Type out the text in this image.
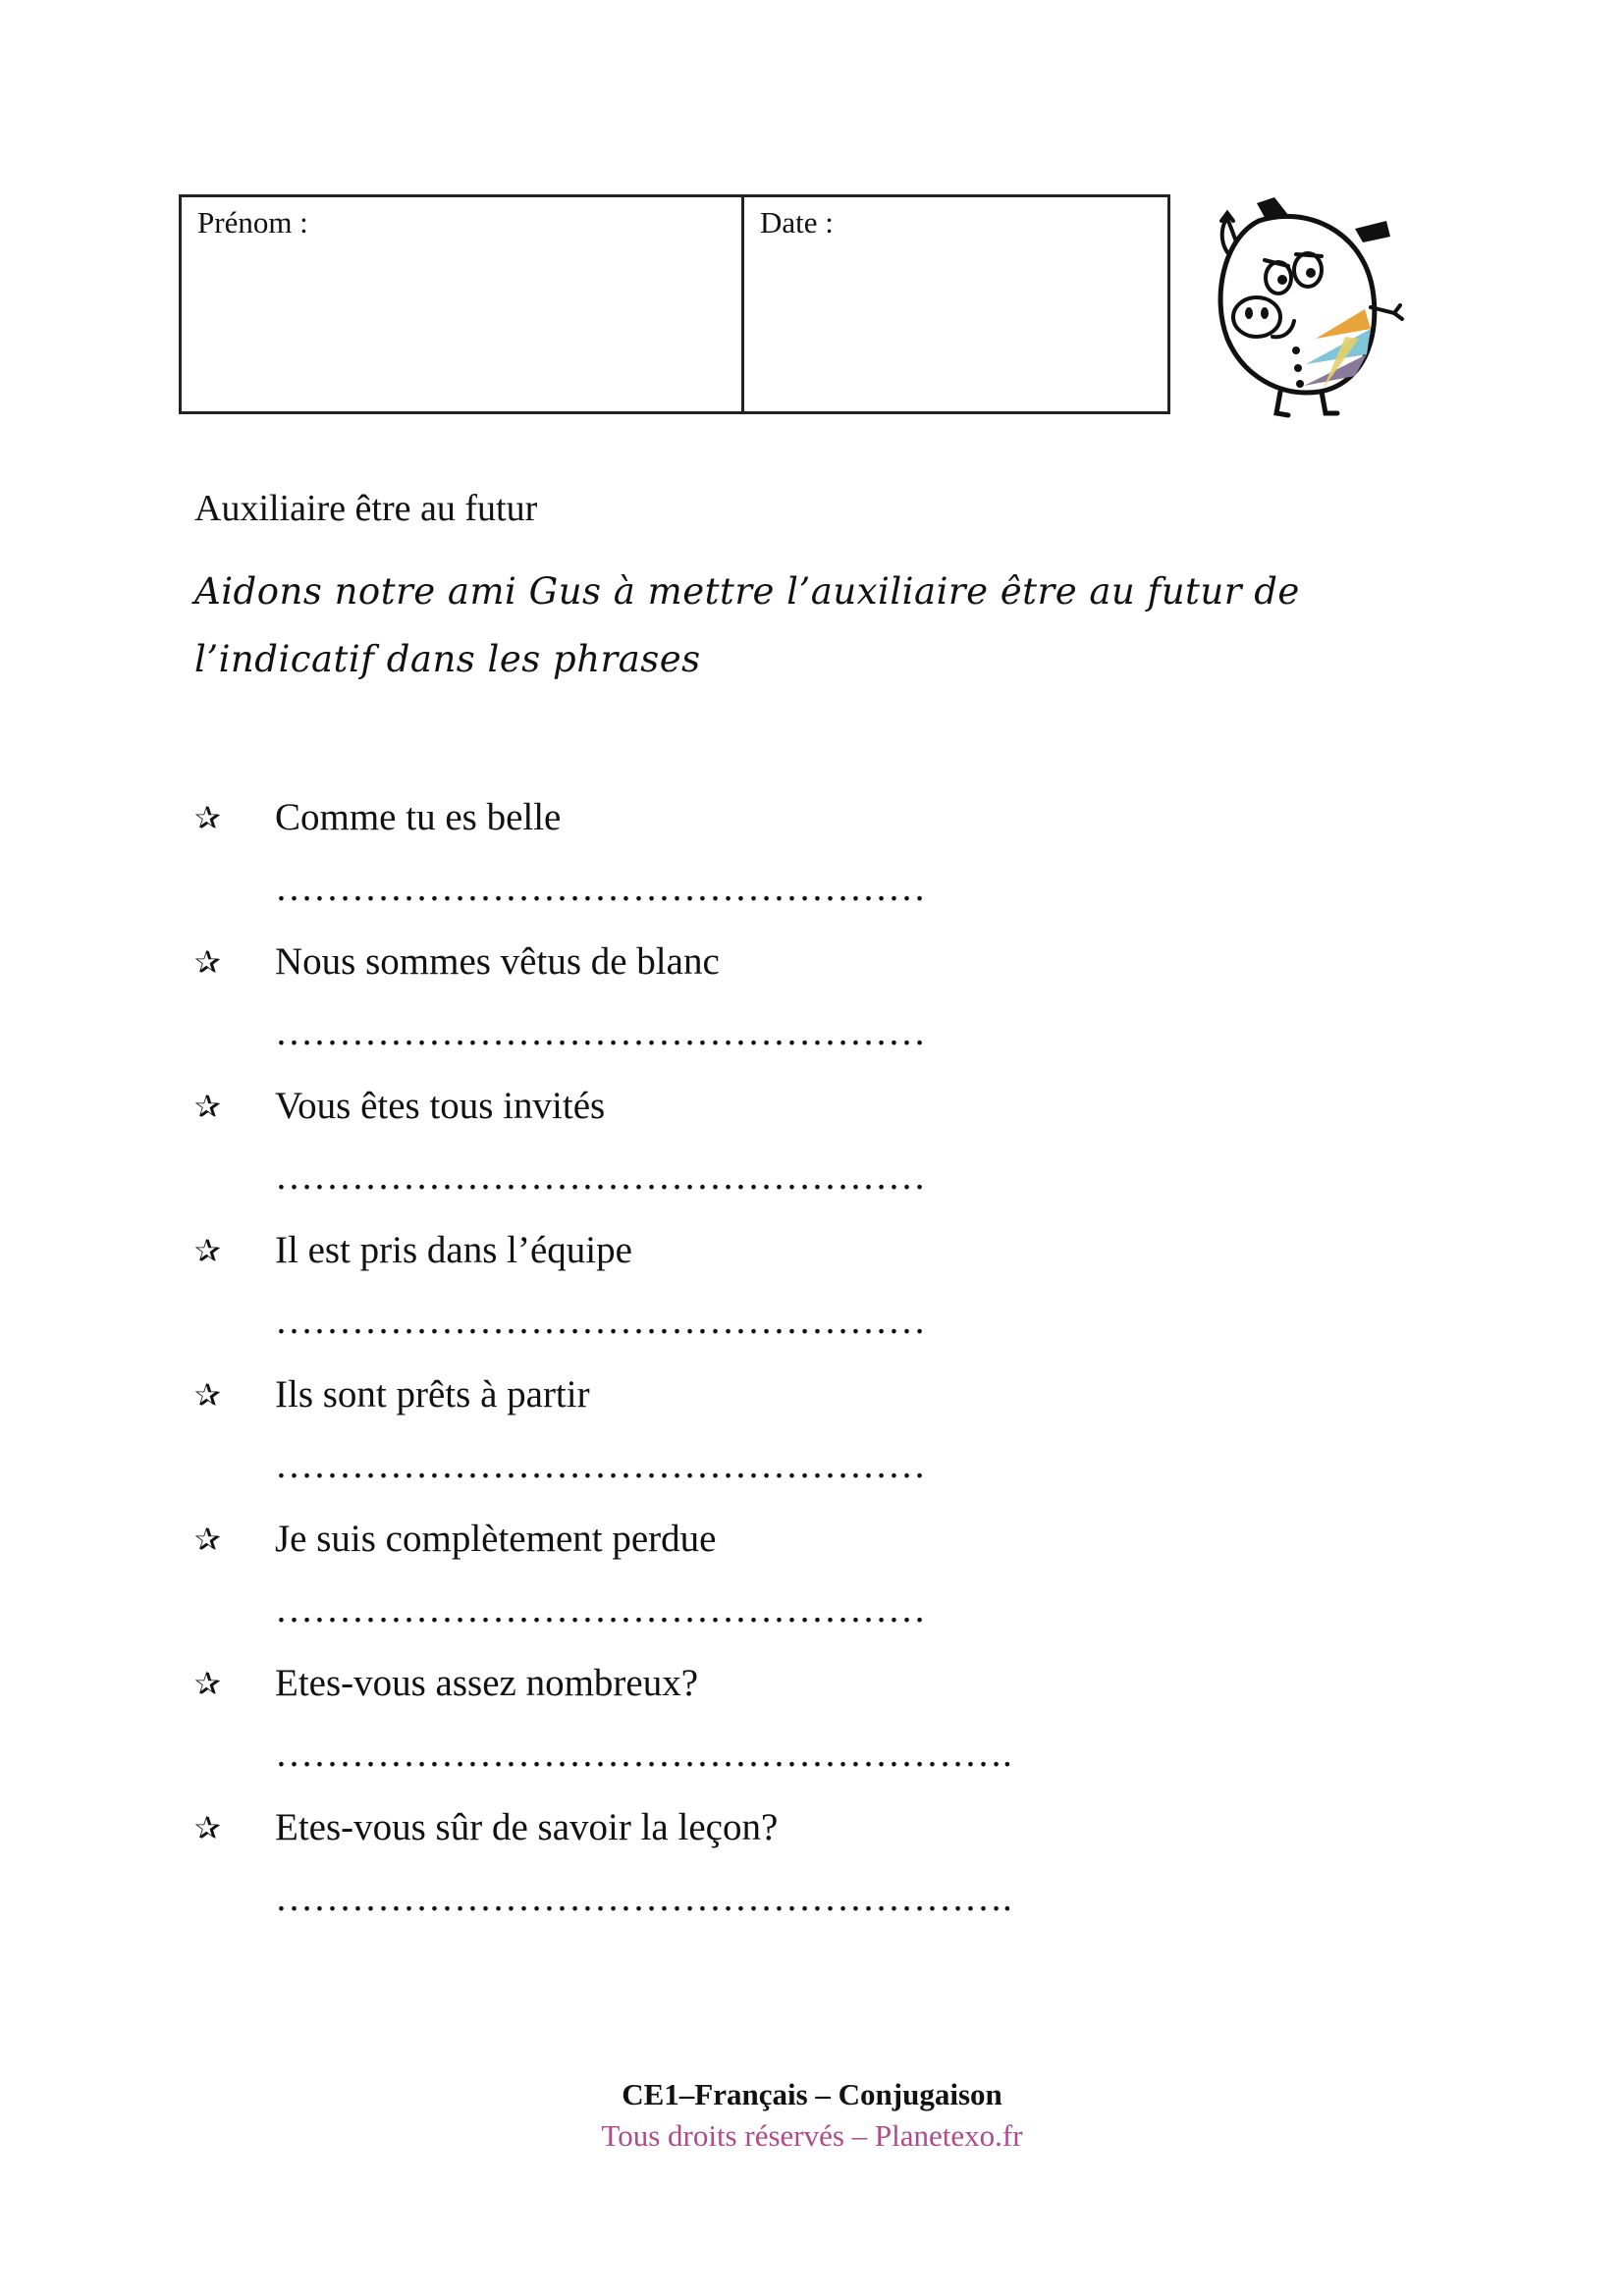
Prénom :	Date :
Auxiliaire être au futur
Aidons notre ami Gus à mettre l’auxiliaire être au futur de l’indicatif dans les phrases
✰ Comme tu es belle
……………………………………………
✰ Nous sommes vêtus de blanc
……………………………………………
✰ Vous êtes tous invités
……………………………………………
✰ Il est pris dans l’équipe
……………………………………………
✰ Ils sont prêts à partir
……………………………………………
✰ Je suis complètement perdue
……………………………………………
✰ Etes-vous assez nombreux?
………………………………………………….
✰ Etes-vous sûr de savoir la leçon?
………………………………………………….
CE1–Français – Conjugaison
Tous droits réservés – Planetexo.fr
